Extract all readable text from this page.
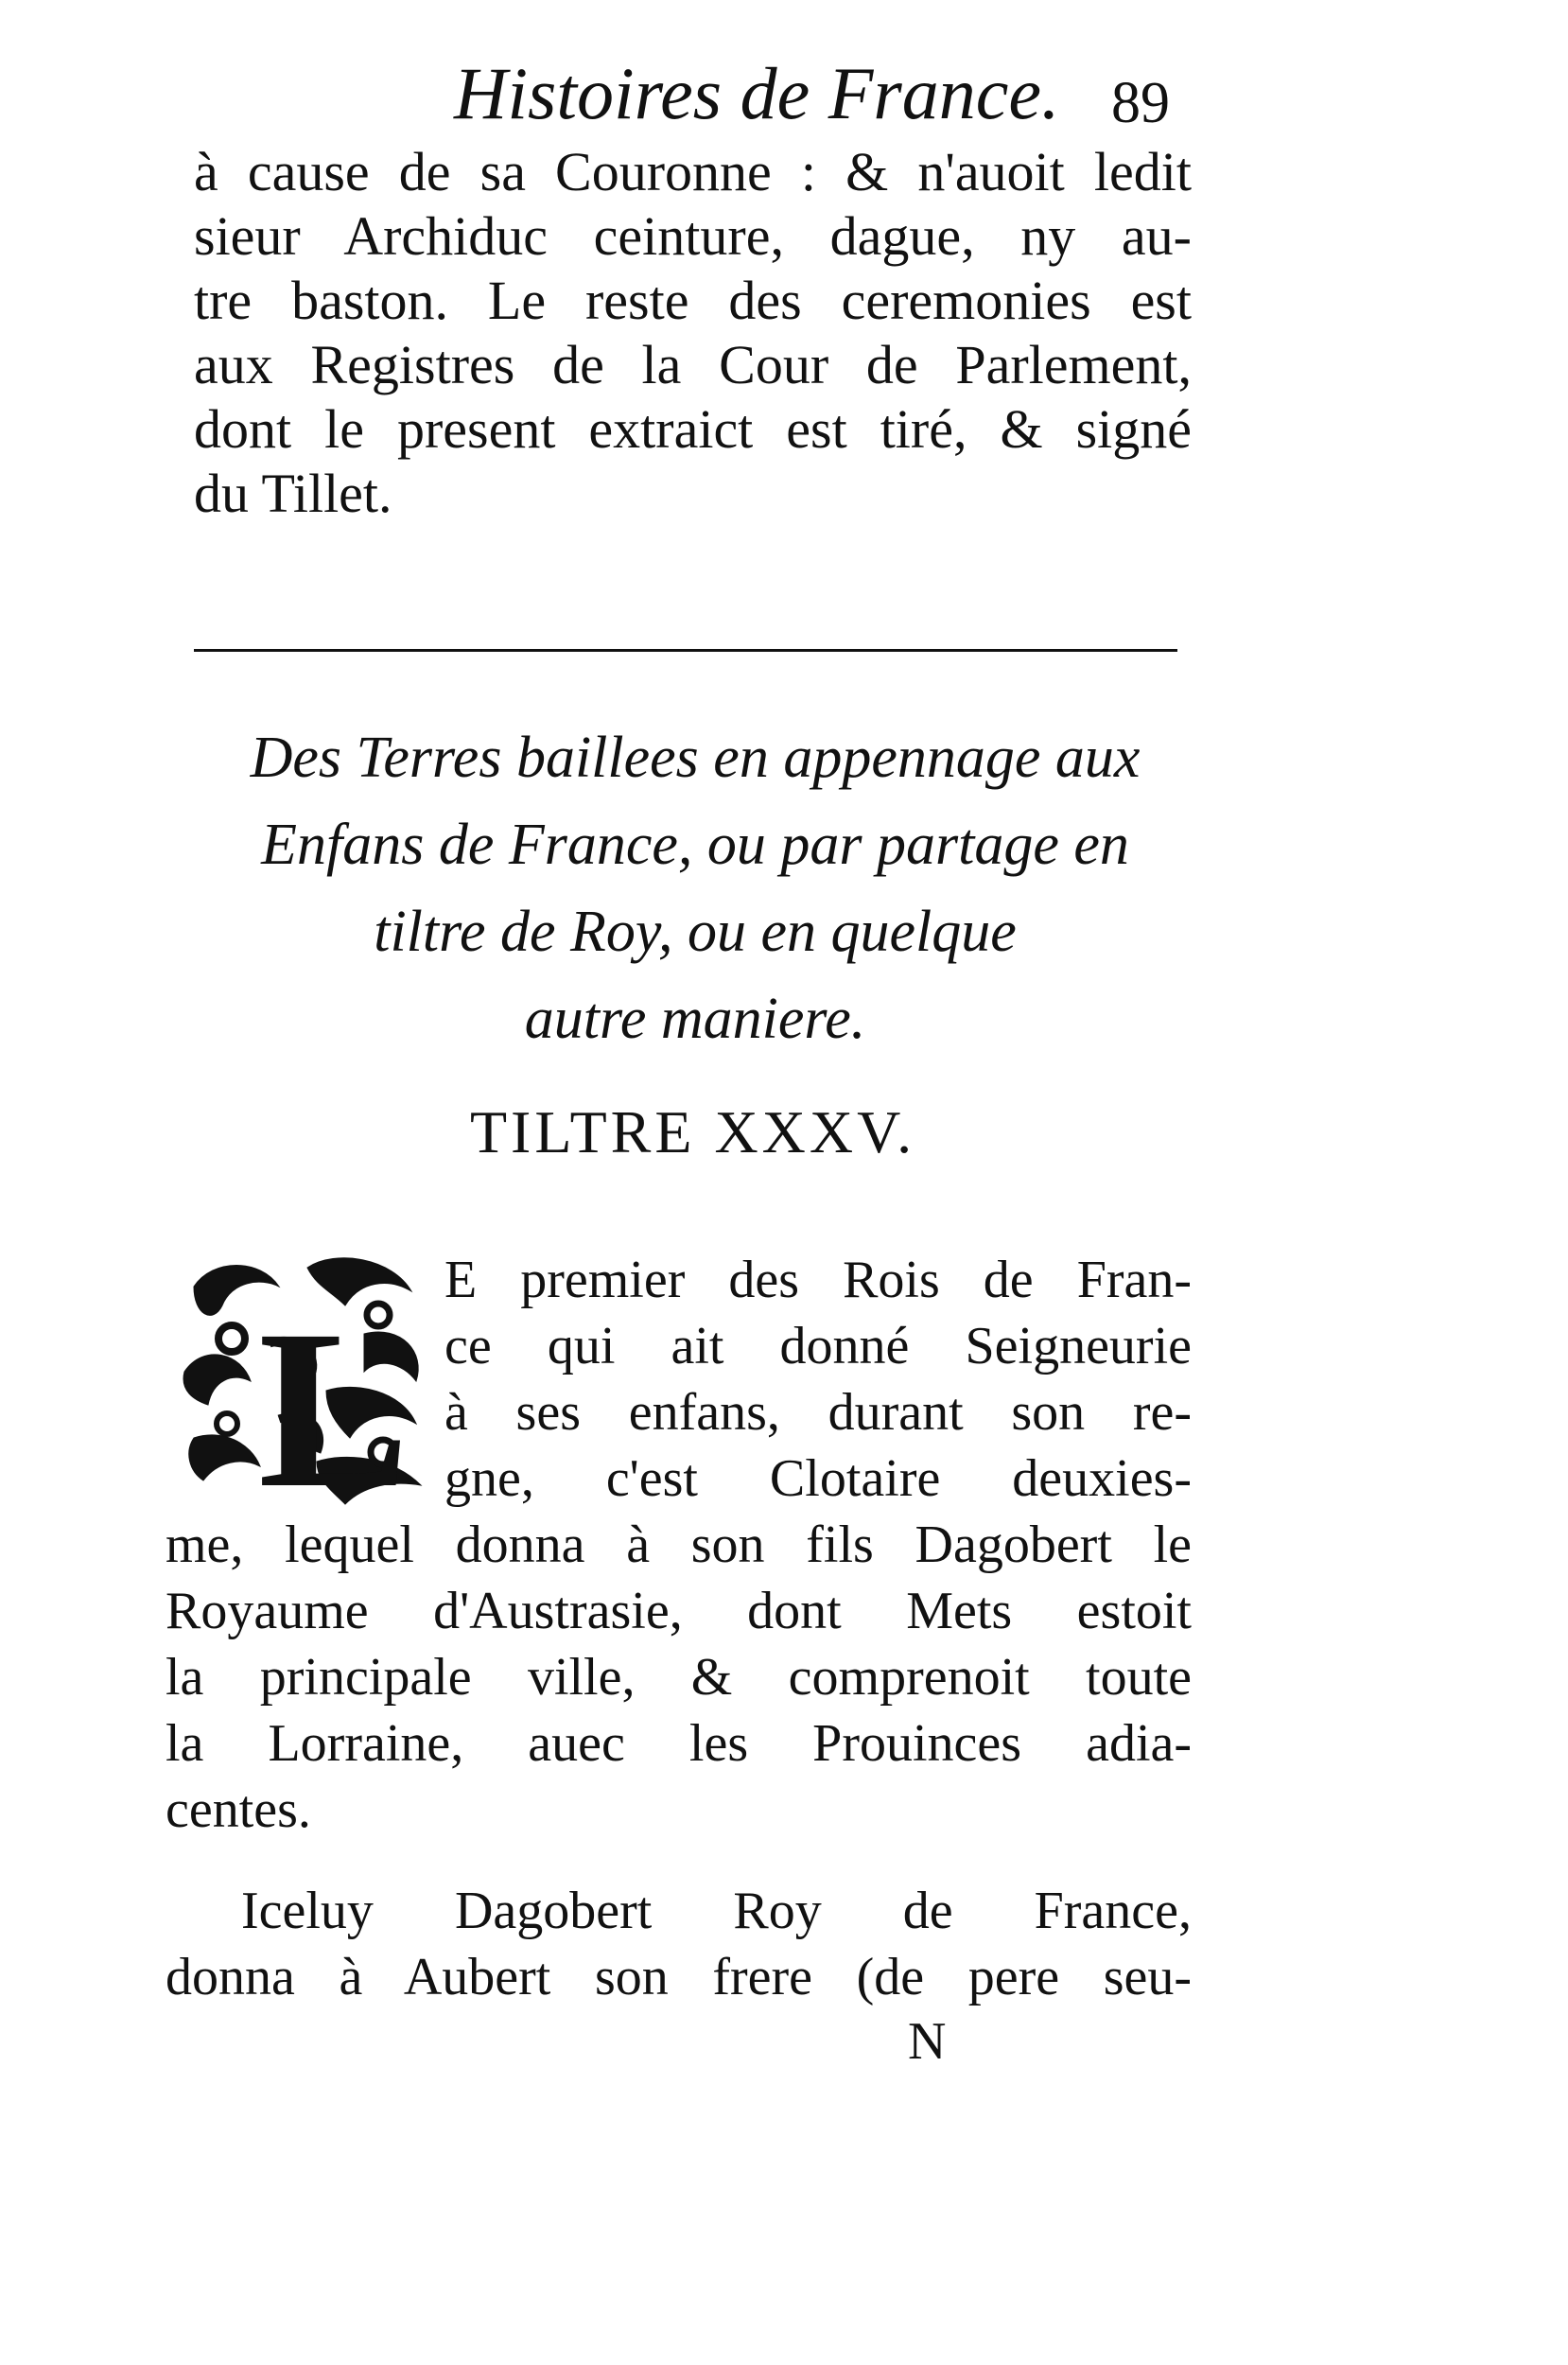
Histoires de France. 89
à cause de sa Couronne : & n'auoit ledit
sieur Archiduc ceinture, dague, ny au-
tre baston. Le reste des ceremonies est
aux Registres de la Cour de Parlement,
dont le present extraict est tiré, & signé
du Tillet.
Des Terres baillees en appennage aux
Enfans de France, ou par partage en
tiltre de Roy, ou en quelque
autre maniere.
TILTRE XXXV.
L
E premier des Rois de Fran-
ce qui ait donné Seigneurie
à ses enfans, durant son re-
gne, c'est Clotaire deuxies-
me, lequel donna à son fils Dagobert le
Royaume d'Austrasie, dont Mets estoit
la principale ville, & comprenoit toute
la Lorraine, auec les Prouinces adia-
centes.
Iceluy Dagobert Roy de France,
donna à Aubert son frere (de pere seu-
N
